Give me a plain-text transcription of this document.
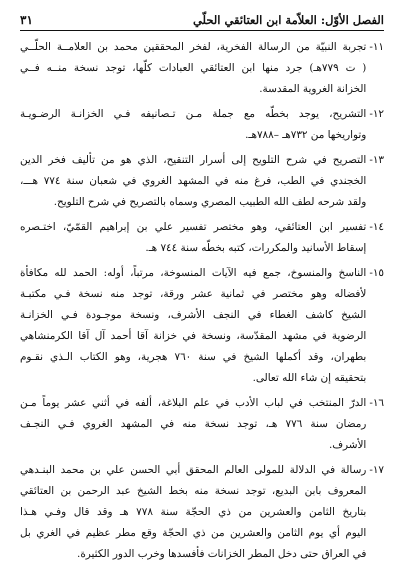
الفصل الأوّل: العلاّمة ابن العتائقي الحلّي
٣١
١١-
تجربة النبيّة من الرسالة الفخرية، لفخر المحققين محمد بن العلامــة الحلّــي
( ت ٧٧٩هـ) جرد منها ابن العتائقي العبادات كلّها، توجد نسخة منــه فــي
الخزانة الغروية المقدسة.
١٢-
التشريح، يوجد بخطّه مع جملة مـن تـصانيفه فـي الخزانـة الرضـويـة
وتواريخها من ٧٣٢هـ –٧٨٨هـ.
١٣-
التصريح في شرح التلويح إلى أسرار التنقيح، الذي هو من تأليف فخر الدين
الخجندي في الطب، فرغ منه في المشهد الغروي في شعبان سنة ٧٧٤ هـــ،
ولقد شرحه لطف الله الطبيب المصري وسماه بالتصريح في شرح التلويح.
١٤-
تفسير ابن العتائقي، وهو مختصر تفسير علي بن إبراهيم القمّيّ، اختـصره
إسقاط الأسانيد والمكررات، كتبه بخطّه سنة ٧٤٤ هـ.
١٥-
الناسخ والمنسوخ، جمع فيه الآيات المنسوخة، مرتباً، أوله: الحمد لله مكافأة
لأفضاله وهو مختصر في ثمانية عشر ورقة، توجد منه نسخة فـي مكتبـة
الشيخ كاشف الغطاء في النجف الأشرف، ونسخة موجـودة فـي الخزانـة
الرضوية في مشهد المقدّسة، ونسخة في خزانة آقا أحمد آل آقا الكرمنشاهي
بطهران، وقد أكملها الشيخ في سنة ٧٦٠ هجرية، وهو الكتاب الـذي نقـوم
بتحقيقه إن شاء الله تعالى.
١٦-
الدرّ المنتخب في لباب الأدب في علم البلاغة، ألفه في أثني عشر يوماً مـن
رمضان سنة ٧٧٦ هـ، توجد نسخة منه في المشهد الغروي فـي النجـف
الأشرف.
١٧-
رسالة في الدلالة للمولى العالم المحقق أبي الحسن علي بن محمد البنـدهي
المعروف بابن البديع، توجد نسخة منه بخط الشيخ عبد الرحمن بن العتائقي
بتاريخ الثامن والعشرين من ذي الحجّة سنة ٧٧٨ هـ وقد قال وفـي هـذا
اليوم أي يوم الثامن والعشرين من ذي الحجّة وقع مطر عظيم في الغري بل
في العراق حتى دخل المطر الخزانات فأفسدها وخرب الدور الكثيرة.
